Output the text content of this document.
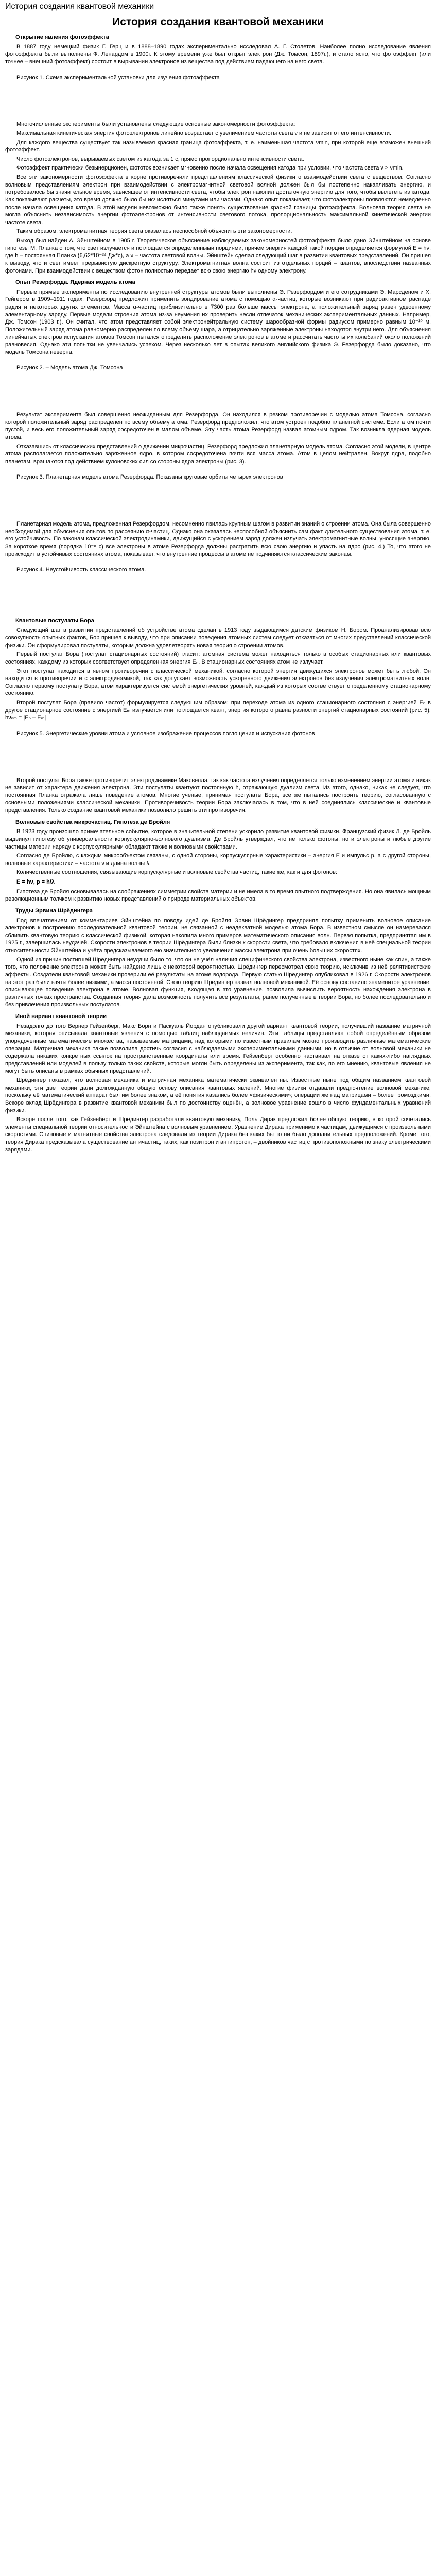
История создания квантовой механики
История создания квантовой механики
Открытие явления фотоэффекта
В 1887 году немецкий физик Г. Герц и в 1888–1890 годах экспериментально исследовал А. Г. Столетов. Наиболее полно исследование явления фотоэффекта были выполнены Ф. Ленардом в 1900г. К этому времени уже был открыт электрон (Дж. Томсон, 1897г.), и стало ясно, что фотоэффект (или точнее – внешний фотоэффект) состоит в вырывании электронов из вещества под действием падающего на него света.
Рисунок 1. Схема экспериментальной установки для изучения фотоэффекта
Многочисленные эксперименты были установлены следующие основные закономерности фотоэффекта:
Максимальная кинетическая энергия фотоэлектронов линейно возрастает с увеличением частоты света ν и не зависит от его интенсивности.
Для каждого вещества существует так называемая красная граница фотоэффекта, т. е. наименьшая частота νmin, при которой еще возможен внешний фотоэффект.
Число фотоэлектронов, вырываемых светом из катода за 1 с, прямо пропорционально интенсивности света.
Фотоэффект практически безынерционен, фототок возникает мгновенно после начала освещения катода при условии, что частота света ν > νmin.
Все эти закономерности фотоэффекта в корне противоречили представлениям классической физики о взаимодействии света с веществом. Согласно волновым представлениям электрон при взаимодействии с электромагнитной световой волной должен был бы постепенно накапливать энергию, и потребовалось бы значительное время, зависящее от интенсивности света, чтобы электрон накопил достаточную энергию для того, чтобы вылететь из катода. Как показывают расчеты, это время должно было бы исчисляться минутами или часами. Однако опыт показывает, что фотоэлектроны появляются немедленно после начала освещения катода. В этой модели невозможно было также понять существование красной границы фотоэффекта. Волновая теория света не могла объяснить независимость энергии фотоэлектронов от интенсивности светового потока, пропорциональность максимальной кинетической энергии частоте света.
Таким образом, электромагнитная теория света оказалась неспособной объяснить эти закономерности.
Выход был найден А. Эйнштейном в 1905 г. Теоретическое объяснение наблюдаемых закономерностей фотоэффекта было дано Эйнштейном на основе гипотезы М. Планка о том, что свет излучается и поглощается определенными порциями, причем энергия каждой такой порции определяется формулой E = hν, где h – постоянная Планка (6,62*10⁻³⁴ Дж*с), а ν – частота световой волны. Эйнштейн сделал следующий шаг в развитии квантовых представлений. Он пришел к выводу, что и свет имеет прерывистую дискретную структуру. Электромагнитная волна состоит из отдельных порций – квантов, впоследствии названных фотонами. При взаимодействии с веществом фотон полностью передает всю свою энергию hν одному электрону.
Опыт Резерфорда. Ядерная модель атома
Первые прямые эксперименты по исследованию внутренней структуры атомов были выполнены Э. Резерфордом и его сотрудниками Э. Марсденом и Х. Гейгером в 1909–1911 годах. Резерфорд предложил применить зондирование атома с помощью α-частиц, которые возникают при радиоактивном распаде радия и некоторых других элементов. Масса α-частиц приблизительно в 7300 раз больше массы электрона, а положительный заряд равен удвоенному элементарному заряду. Первые модели строения атома из-за неумения их проверить несли отпечаток механических экспериментальных данных. Например, Дж. Томсон (1903 г.). Он считал, что атом представляет собой электронейтральную систему шарообразной формы радиусом примерно равным 10⁻¹⁰ м. Положительный заряд атома равномерно распределен по всему объему шара, а отрицательно заряженные электроны находятся внутри него. Для объяснения линейчатых спектров испускания атомов Томсон пытался определить расположение электронов в атоме и рассчитать частоты их колебаний около положений равновесия. Однако эти попытки не увенчались успехом. Через несколько лет в опытах великого английского физика Э. Резерфорда было доказано, что модель Томсона неверна.
Рисунок 2. – Модель атома Дж. Томсона
Результат эксперимента был совершенно неожиданным для Резерфорда. Он находился в резком противоречии с моделью атома Томсона, согласно которой положительный заряд распределен по всему объему атома. Резерфорд предположил, что атом устроен подобно планетной системе. Если атом почти пустой, и весь его положительный заряд сосредоточен в малом объеме. Эту часть атома Резерфорд назвал атомным ядром. Так возникла ядерная модель атома.
Отказавшись от классических представлений о движении микрочастиц, Резерфорд предложил планетарную модель атома. Согласно этой модели, в центре атома располагается положительно заряженное ядро, в котором сосредоточена почти вся масса атома. Атом в целом нейтрален. Вокруг ядра, подобно планетам, вращаются под действием кулоновских сил со стороны ядра электроны (рис. 3).
Рисунок 3. Планетарная модель атома Резерфорда. Показаны круговые орбиты четырех электронов
Планетарная модель атома, предложенная Резерфордом, несомненно явилась крупным шагом в развитии знаний о строении атома. Она была совершенно необходимой для объяснения опытов по рассеянию α-частиц. Однако она оказалась неспособной объяснить сам факт длительного существования атома, т. е. его устойчивость. По законам классической электродинамики, движущийся с ускорением заряд должен излучать электромагнитные волны, уносящие энергию. За короткое время (порядка 10⁻⁸ с) все электроны в атоме Резерфорда должны растратить всю свою энергию и упасть на ядро (рис. 4.) То, что этого не происходит в устойчивых состояниях атома, показывает, что внутренние процессы в атоме не подчиняются классическим законам.
Рисунок 4. Неустойчивость классического атома.
Квантовые постулаты Бора
Следующий шаг в развитии представлений об устройстве атома сделан в 1913 году выдающимся датским физиком Н. Бором. Проанализировав всю совокупность опытных фактов, Бор пришел к выводу, что при описании поведения атомных систем следует отказаться от многих представлений классической физики. Он сформулировал постулаты, которым должна удовлетворять новая теория о строении атомов.
Первый постулат Бора (постулат стационарных состояний) гласит: атомная система может находиться только в особых стационарных или квантовых состояниях, каждому из которых соответствует определенная энергия Eₙ. В стационарных состояниях атом не излучает.
Этот постулат находится в явном противоречии с классической механикой, согласно которой энергия движущихся электронов может быть любой. Он находится в противоречии и с электродинамикой, так как допускает возможность ускоренного движения электронов без излучения электромагнитных волн. Согласно первому постулату Бора, атом характеризуется системой энергетических уровней, каждый из которых соответствует определенному стационарному состоянию.
Второй постулат Бора (правило частот) формулируется следующим образом: при переходе атома из одного стационарного состояния с энергией Eₙ в другое стационарное состояние с энергией Eₘ излучается или поглощается квант, энергия которого равна разности энергий стационарных состояний (рис. 5): hνₙₘ = |Eₙ – Eₘ|
Рисунок 5. Энергетические уровни атома и условное изображение процессов поглощения и испускания фотонов
Второй постулат Бора также противоречит электродинамике Максвелла, так как частота излучения определяется только изменением энергии атома и никак не зависит от характера движения электрона. Эти постулаты квантуют постоянную h, отражающую дуализм света. Из этого, однако, никак не следует, что постоянная Планка отражала лишь поведение атомов. Многие ученые, принимая постулаты Бора, все же пытались построить теорию, согласованную с основными положениями классической механики. Противоречивость теории Бора заключалась в том, что в ней соединялись классические и квантовые представления. Только создание квантовой механики позволило решить эти противоречия.
Волновые свойства микрочастиц. Гипотеза де Бройля
В 1923 году произошло примечательное событие, которое в значительной степени ускорило развитие квантовой физики. Французский физик Л. де Бройль выдвинул гипотезу об универсальности корпускулярно-волнового дуализма. Де Бройль утверждал, что не только фотоны, но и электроны и любые другие частицы материи наряду с корпускулярными обладают также и волновыми свойствами.
Согласно де Бройлю, с каждым микрообъектом связаны, с одной стороны, корпускулярные характеристики – энергия E и импульс p, а с другой стороны, волновые характеристики – частота ν и длина волны λ.
Количественные соотношения, связывающие корпускулярные и волновые свойства частиц, такие же, как и для фотонов:
E = hν, p = h/λ
Гипотеза де Бройля основывалась на соображениях симметрии свойств материи и не имела в то время опытного подтверждения. Но она явилась мощным революционным толчком к развитию новых представлений о природе материальных объектов.
Труды Эрвина Шрёдингера
Под впечатлением от комментариев Эйнштейна по поводу идей де Бройля Эрвин Шрёдингер предпринял попытку применить волновое описание электронов к построению последовательной квантовой теории, не связанной с неадекватной моделью атома Бора. В известном смысле он намеревался сблизить квантовую теорию с классической физикой, которая накопила много примеров математического описания волн. Первая попытка, предпринятая им в 1925 г., завершилась неудачей. Скорости электронов в теории Шрёдингера были близки к скорости света, что требовало включения в неё специальной теории относительности Эйнштейна и учёта предсказываемого ею значительного увеличения массы электрона при очень больших скоростях.
Одной из причин постигшей Шрёдингера неудачи было то, что он не учёл наличия специфического свойства электрона, известного ныне как спин, а также того, что положение электрона может быть найдено лишь с некоторой вероятностью. Шрёдингер пересмотрел свою теорию, исключив из неё релятивистские эффекты. Создатели квантовой механики проверили её результаты на атоме водорода. Первую статью Шрёдингер опубликовал в 1926 г. Скорости электронов на этот раз были взяты более низкими, а масса постоянной. Свою теорию Шрёдингер назвал волновой механикой. Её основу составило знаменитое уравнение, описывающее поведение электрона в атоме. Волновая функция, входящая в это уравнение, позволила вычислить вероятность нахождения электрона в различных точках пространства. Созданная теория дала возможность получить все результаты, ранее полученные в теории Бора, но более последовательно и без привлечения произвольных постулатов.
Иной вариант квантовой теории
Незадолго до того Вернер Гейзенберг, Макс Борн и Паскуаль Йордан опубликовали другой вариант квантовой теории, получивший название матричной механики, которая описывала квантовые явления с помощью таблиц наблюдаемых величин. Эти таблицы представляют собой определённым образом упорядоченные математические множества, называемые матрицами, над которыми по известным правилам можно производить различные математические операции. Матричная механика также позволила достичь согласия с наблюдаемыми экспериментальными данными, но в отличие от волновой механики не содержала никаких конкретных ссылок на пространственные координаты или время. Гейзенберг особенно настаивал на отказе от каких-либо наглядных представлений или моделей в пользу только таких свойств, которые могли быть определены из эксперимента, так как, по его мнению, квантовые явления не могут быть описаны в рамках обычных представлений.
Шрёдингер показал, что волновая механика и матричная механика математически эквивалентны. Известные ныне под общим названием квантовой механики, эти две теории дали долгожданную общую основу описания квантовых явлений. Многие физики отдавали предпочтение волновой механике, поскольку её математический аппарат был им более знаком, а её понятия казались более «физическими»; операции же над матрицами – более громоздкими. Вскоре вклад Шрёдингера в развитие квантовой механики был по достоинству оценён, а волновое уравнение вошло в число фундаментальных уравнений физики.
Вскоре после того, как Гейзенберг и Шрёдингер разработали квантовую механику, Поль Дирак предложил более общую теорию, в которой сочетались элементы специальной теории относительности Эйнштейна с волновым уравнением. Уравнение Дирака применимо к частицам, движущимся с произвольными скоростями. Спиновые и магнитные свойства электрона следовали из теории Дирака без каких бы то ни было дополнительных предположений. Кроме того, теория Дирака предсказывала существование античастиц, таких, как позитрон и антипротон, – двойников частиц с противоположными по знаку электрическими зарядами.
